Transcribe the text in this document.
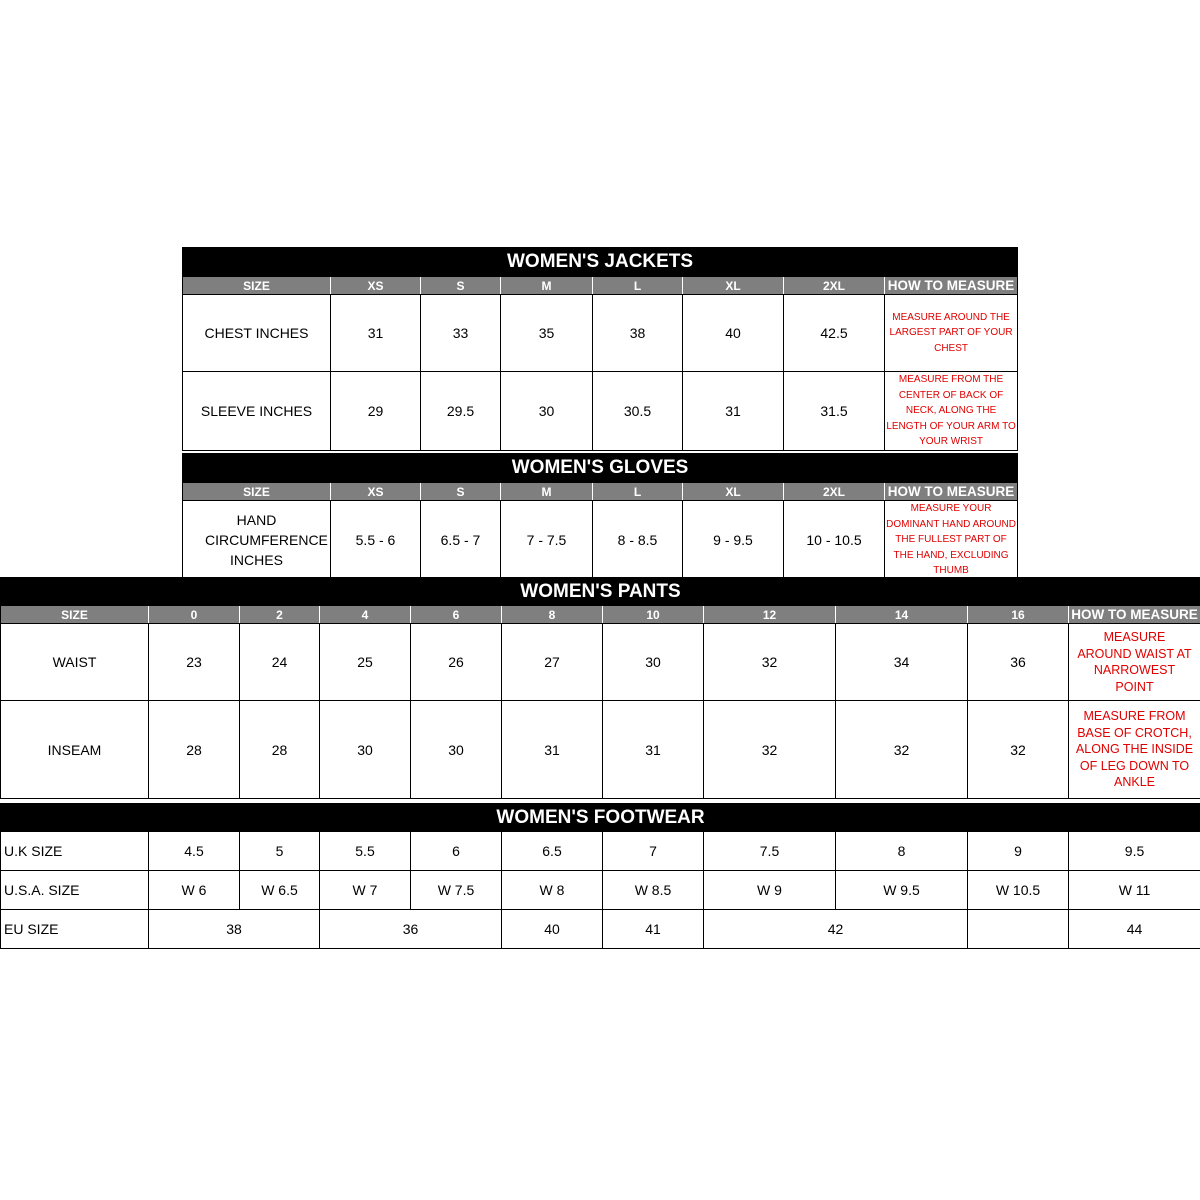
WOMEN'S JACKETS							
SIZE	XS	S	M	L	XL	2XL	HOW TO MEASURE
CHEST INCHES	31	33	35	38	40	42.5	MEASURE AROUND THE LARGEST PART OF YOUR CHEST
SLEEVE INCHES	29	29.5	30	30.5	31	31.5	MEASURE FROM THE CENTER OF BACK OF NECK, ALONG THE LENGTH OF YOUR ARM TO YOUR WRIST
WOMEN'S GLOVES							
SIZE	XS	S	M	L	XL	2XL	HOW TO MEASURE
HAND CIRCUMFERENCE INCHES	5.5 - 6	6.5 - 7	7 - 7.5	8 - 8.5	9 - 9.5	10 - 10.5	MEASURE YOUR DOMINANT HAND AROUND THE FULLEST PART OF THE HAND, EXCLUDING THUMB
WOMEN'S PANTS										
SIZE	0	2	4	6	8	10	12	14	16	HOW TO MEASURE
WAIST	23	24	25	26	27	30	32	34	36	MEASURE AROUND WAIST AT NARROWEST POINT
INSEAM	28	28	30	30	31	31	32	32	32	MEASURE FROM BASE OF CROTCH, ALONG THE INSIDE OF LEG DOWN TO ANKLE
WOMEN'S FOOTWEAR										
U.K SIZE	4.5	5	5.5	6	6.5	7	7.5	8	9	9.5
U.S.A. SIZE	W 6	W 6.5	W 7	W 7.5	W 8	W 8.5	W 9	W 9.5	W 10.5	W 11
EU SIZE	38		36		40	41	42			44
